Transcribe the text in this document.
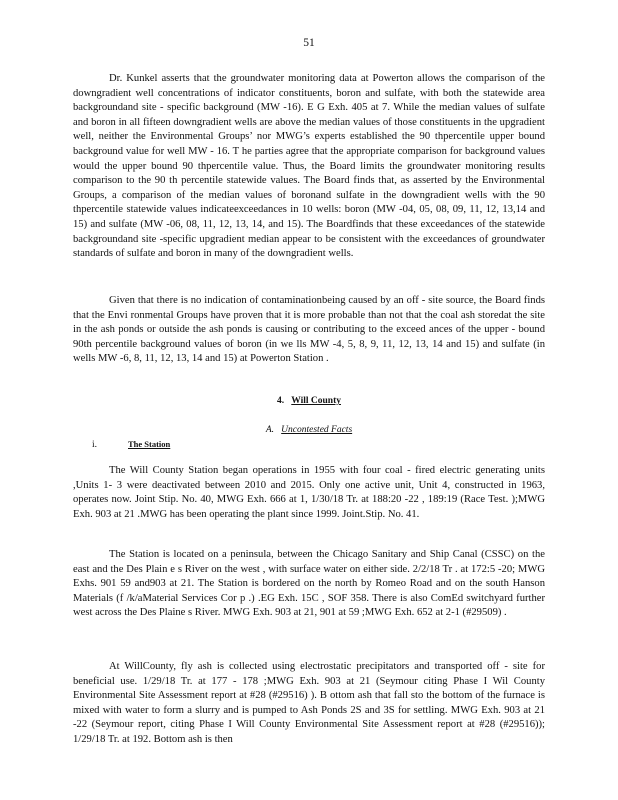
51

Dr. Kunkel asserts that the groundwater monitoring data at Powerton allows the comparison of the downgradient well concentrations of indicator constituents, boron and sulfate, with both the statewide area backgroundand site - specific background (MW -16). E G Exh. 405 at 7. While the median values of sulfate and boron in all fifteen downgradient wells are above the median values of those constituents in the upgradient well, neither the Environmental Groups’ nor MWG’s experts established the 90 thpercentile upper bound background value for well MW - 16. T he parties agree that the appropriate comparison for background values would the upper bound 90 thpercentile value. Thus, the Board limits the groundwater monitoring results comparison to the 90 th percentile statewide values. The Board finds that, as asserted by the Environmental Groups, a comparison of the median values of boronand sulfate in the downgradient wells with the 90 thpercentile statewide values indicateexceedances in 10 wells: boron (MW -04, 05, 08, 09, 11, 12, 13,14 and 15) and sulfate (MW -06, 08, 11, 12, 13, 14, and 15). The Boardfinds that these exceedances of the statewide backgroundand site -specific upgradient median appear to be consistent with the exceedances of groundwater standards of sulfate and boron in many of the downgradient wells.

Given that there is no indication of contaminationbeing caused by an off - site source, the Board finds that the Envi ronmental Groups have proven that it is more probable than not that the coal ash storedat the site in the ash ponds or outside the ash ponds is causing or contributing to the exceed ances of the upper - bound 90th percentile background values of boron (in we lls MW -4, 5, 8, 9, 11, 12, 13, 14 and 15) and sulfate (in wells MW -6, 8, 11, 12, 13, 14 and 15) at Powerton Station .

4. Will County
A. Uncontested Facts
i.	The Station

The Will County Station began operations in 1955 with four coal - fired electric generating units ,Units 1- 3 were deactivated between 2010 and 2015. Only one active unit, Unit 4, constructed in 1963, operates now. Joint Stip. No. 40, MWG Exh. 666 at 1, 1/30/18 Tr. at 188:20 -22 , 189:19 (Race Test. );MWG Exh. 903 at 21 .MWG has been operating the plant since 1999. Joint.Stip. No. 41.

The Station is located on a peninsula, between the Chicago Sanitary and Ship Canal (CSSC) on the east and the Des Plain e s River on the west , with surface water on either side. 2/2/18 Tr . at 172:5 -20; MWG Exhs. 901 59 and903 at 21. The Station is bordered on the north by Romeo Road and on the south Hanson Materials (f /k/aMaterial Services Cor p .) .EG Exh. 15C , SOF 358. There is also ComEd switchyard further west across the Des Plaine s River. MWG Exh. 903 at 21, 901 at 59 ;MWG Exh. 652 at 2-1 (#29509) .

At WillCounty, fly ash is collected using electrostatic precipitators and transported off - site for beneficial use. 1/29/18 Tr. at 177 - 178 ;MWG Exh. 903 at 21 (Seymour citing Phase I Wil County Environmental Site Assessment report at #28 (#29516) ). B ottom ash that fall sto the bottom of the furnace is mixed with water to form a slurry and is pumped to Ash Ponds 2S and 3S for settling. MWG Exh. 903 at 21 -22 (Seymour report, citing Phase I Will County Environmental Site Assessment report at #28 (#29516)); 1/29/18 Tr. at 192. Bottom ash is then
